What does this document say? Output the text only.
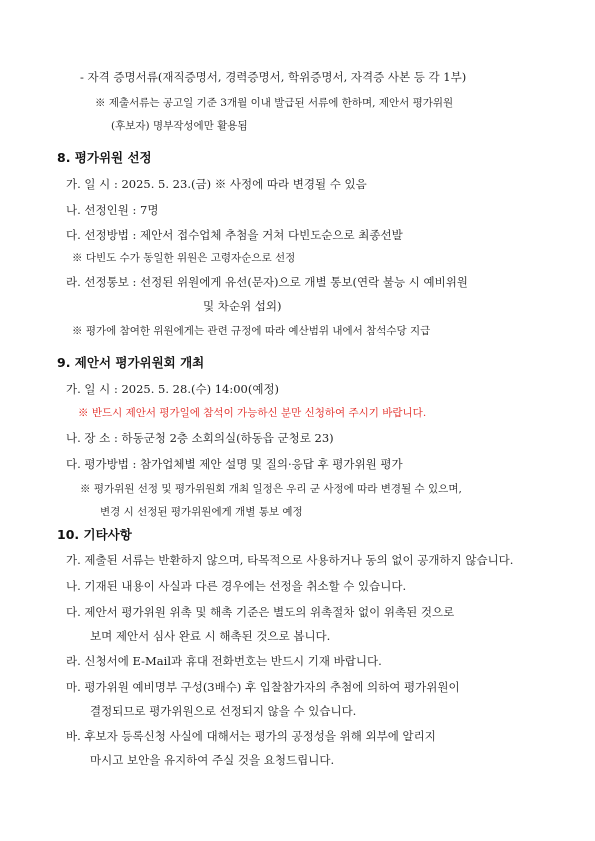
- 자격 증명서류(재직증명서, 경력증명서, 학위증명서, 자격증 사본 등 각 1부)
※ 제출서류는 공고일 기준 3개월 이내 발급된 서류에 한하며, 제안서 평가위원
(후보자) 명부작성에만 활용됨
8. 평가위원 선정
가. 일 시 : 2025. 5. 23.(금) ※ 사정에 따라 변경될 수 있음
나. 선정인원 : 7명
다. 선정방법 : 제안서 접수업체 추첨을 거쳐 다빈도순으로 최종선발
※ 다빈도 수가 동일한 위원은 고령자순으로 선정
라. 선정통보 : 선정된 위원에게 유선(문자)으로 개별 통보(연락 불능 시 예비위원
및 차순위 섭외)
※ 평가에 참여한 위원에게는 관련 규정에 따라 예산범위 내에서 참석수당 지급
9. 제안서 평가위원회 개최
가. 일 시 : 2025. 5. 28.(수) 14:00(예정)
※ 반드시 제안서 평가일에 참석이 가능하신 분만 신청하여 주시기 바랍니다.
나. 장 소 : 하동군청 2층 소회의실(하동읍 군청로 23)
다. 평가방법 : 참가업체별 제안 설명 및 질의·응답 후 평가위원 평가
※ 평가위원 선정 및 평가위원회 개최 일정은 우리 군 사정에 따라 변경될 수 있으며,
변경 시 선정된 평가위원에게 개별 통보 예정
10. 기타사항
가. 제출된 서류는 반환하지 않으며, 타목적으로 사용하거나 동의 없이 공개하지 않습니다.
나. 기재된 내용이 사실과 다른 경우에는 선정을 취소할 수 있습니다.
다. 제안서 평가위원 위촉 및 해촉 기준은 별도의 위촉절차 없이 위촉된 것으로
보며 제안서 심사 완료 시 해촉된 것으로 봅니다.
라. 신청서에 E-Mail과 휴대 전화번호는 반드시 기재 바랍니다.
마. 평가위원 예비명부 구성(3배수) 후 입찰참가자의 추첨에 의하여 평가위원이
결정되므로 평가위원으로 선정되지 않을 수 있습니다.
바. 후보자 등록신청 사실에 대해서는 평가의 공정성을 위해 외부에 알리지
마시고 보안을 유지하여 주실 것을 요청드립니다.
